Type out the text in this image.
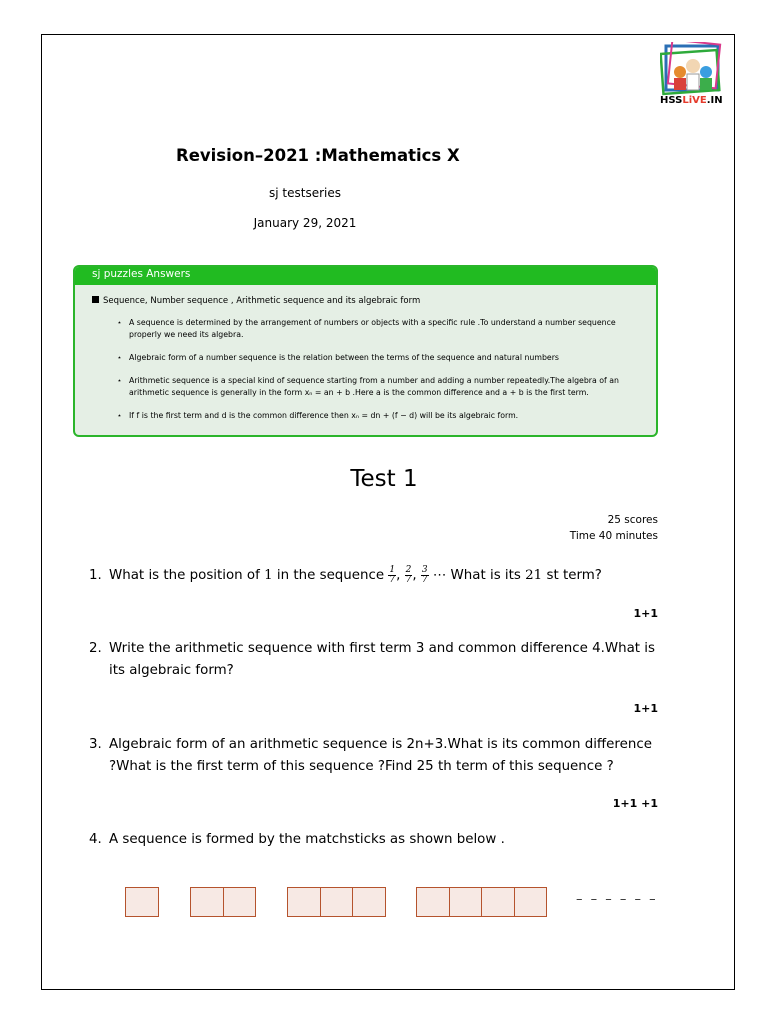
HSSLiVE.IN
Revision–2021 :Mathematics X
sj testseries
January 29, 2021
sj puzzles Answers
Sequence, Number sequence , Arithmetic sequence and its algebraic form
⋆ A sequence is determined by the arrangement of numbers or objects with a specific rule .To understand a number sequence properly we need its algebra.
⋆ Algebraic form of a number sequence is the relation between the terms of the sequence and natural numbers
⋆ Arithmetic sequence is a special kind of sequence starting from a number and adding a number repeatedly.The algebra of an arithmetic sequence is generally in the form xₙ = an + b .Here a is the common difference and a + b is the first term.
⋆ If f is the first term and d is the common difference then xₙ = dn + (f − d) will be its algebraic form.
Test 1
25 scores
Time 40 minutes
1. What is the position of 1 in the sequence $\frac{1}{7}$ , $\frac{2}{7}$ , $\frac{3}{7}$ ⋯ What is its 21 st term?
1+1
2. Write the arithmetic sequence with first term 3 and common difference 4.What is its algebraic form?
1+1
3. Algebraic form of an arithmetic sequence is 2n+3.What is its common difference ?What is the first term of this sequence ?Find 25 th term of this sequence ?
1+1 +1
4. A sequence is formed by the matchsticks as shown below .
– – – – – –
